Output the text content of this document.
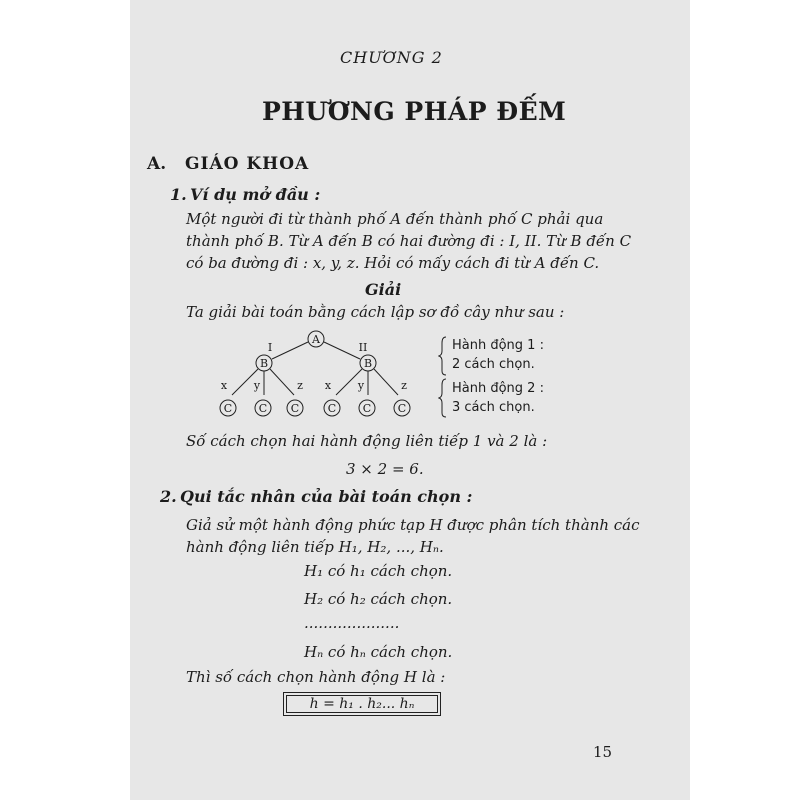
CHƯƠNG 2
PHƯƠNG PHÁP ĐẾM
A. GIÁO KHOA
1. Ví dụ mở đầu :
Một người đi từ thành phố A đến thành phố C phải qua
thành phố B. Từ A đến B có hai đường đi : I, II. Từ B đến C
có ba đường đi : x, y, z. Hỏi có mấy cách đi từ A đến C.
Giải
Ta giải bài toán bằng cách lập sơ đồ cây như sau :
A
I	II
B	B
x y	z x y	z
C C C	C C C
Hành động 1 :
2 cách chọn.
Hành động 2 :
3 cách chọn.
Số cách chọn hai hành động liên tiếp 1 và 2 là :
3 × 2 = 6.
2. Qui tắc nhân của bài toán chọn :
Giả sử một hành động phức tạp H được phân tích thành các
hành động liên tiếp H₁, H₂, ..., Hₙ.
H₁ có h₁ cách chọn.
H₂ có h₂ cách chọn.
....................
Hₙ có hₙ cách chọn.
Thì số cách chọn hành động H là :
h = h₁ . h₂... hₙ
15
